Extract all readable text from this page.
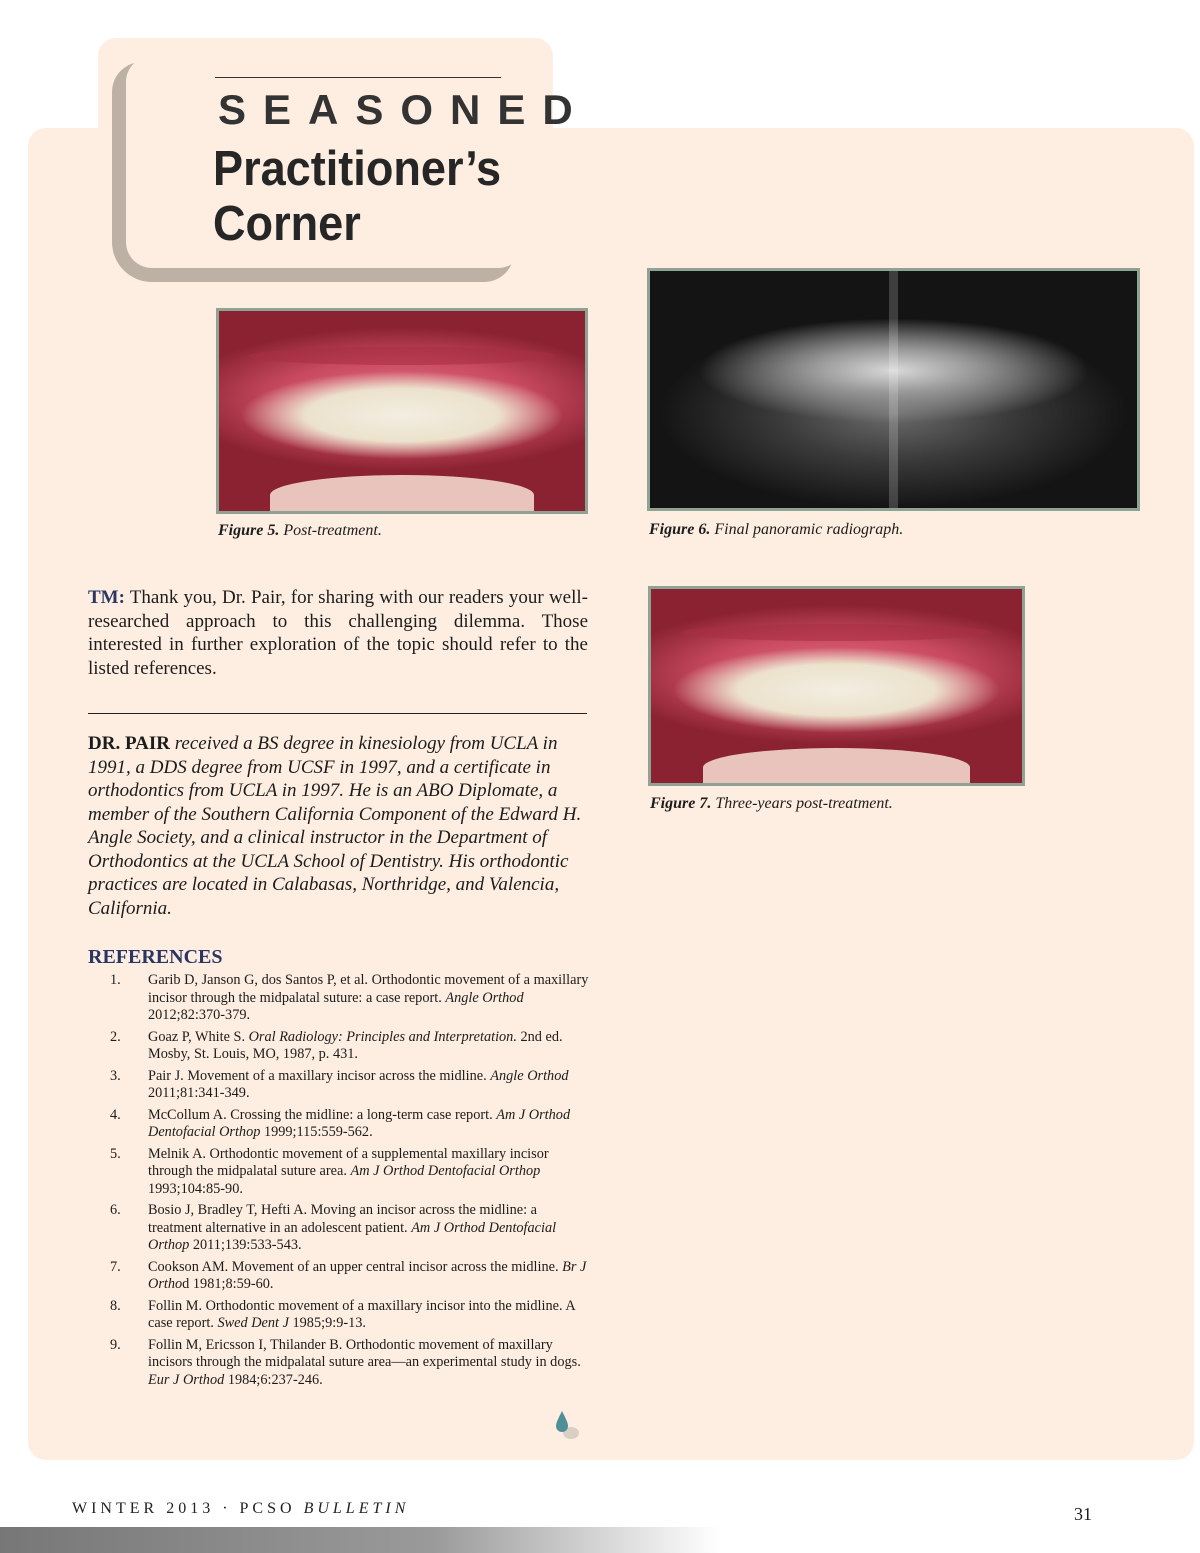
SEASONED
Practitioner’s
Corner
Figure 5. Post-treatment.	Figure 6. Final panoramic radiograph.
Figure 7. Three-years post-treatment.
TM: Thank you, Dr. Pair, for sharing with our readers your well-researched approach to this challenging dilemma. Those interested in further exploration of the topic should refer to the listed references.
DR. PAIR received a BS degree in kinesiology from UCLA in 1991, a DDS degree from UCSF in 1997, and a certificate in orthodontics from UCLA in 1997. He is an ABO Diplomate, a member of the Southern California Component of the Edward H. Angle Society, and a clinical instructor in the Department of Orthodontics at the UCLA School of Dentistry. His orthodontic practices are located in Calabasas, Northridge, and Valencia, California.
REFERENCES
1. Garib D, Janson G, dos Santos P, et al. Orthodontic movement of a maxillary incisor through the midpalatal suture: a case report. Angle Orthod 2012;82:370-379.
2. Goaz P, White S. Oral Radiology: Principles and Interpretation. 2nd ed. Mosby, St. Louis, MO, 1987, p. 431.
3. Pair J. Movement of a maxillary incisor across the midline. Angle Orthod 2011;81:341-349.
4. McCollum A. Crossing the midline: a long-term case report. Am J Orthod Dentofacial Orthop 1999;115:559-562.
5. Melnik A. Orthodontic movement of a supplemental maxillary incisor through the midpalatal suture area. Am J Orthod Dentofacial Orthop 1993;104:85-90.
6. Bosio J, Bradley T, Hefti A. Moving an incisor across the midline: a treatment alternative in an adolescent patient. Am J Orthod Dentofacial Orthop 2011;139:533-543.
7. Cookson AM. Movement of an upper central incisor across the midline. Br J Orthod 1981;8:59-60.
8. Follin M. Orthodontic movement of a maxillary incisor into the midline. A case report. Swed Dent J 1985;9:9-13.
9. Follin M, Ericsson I, Thilander B. Orthodontic movement of maxillary incisors through the midpalatal suture area—an experimental study in dogs. Eur J Orthod 1984;6:237-246.
WINTER 2013 · PCSO BULLETIN	31
